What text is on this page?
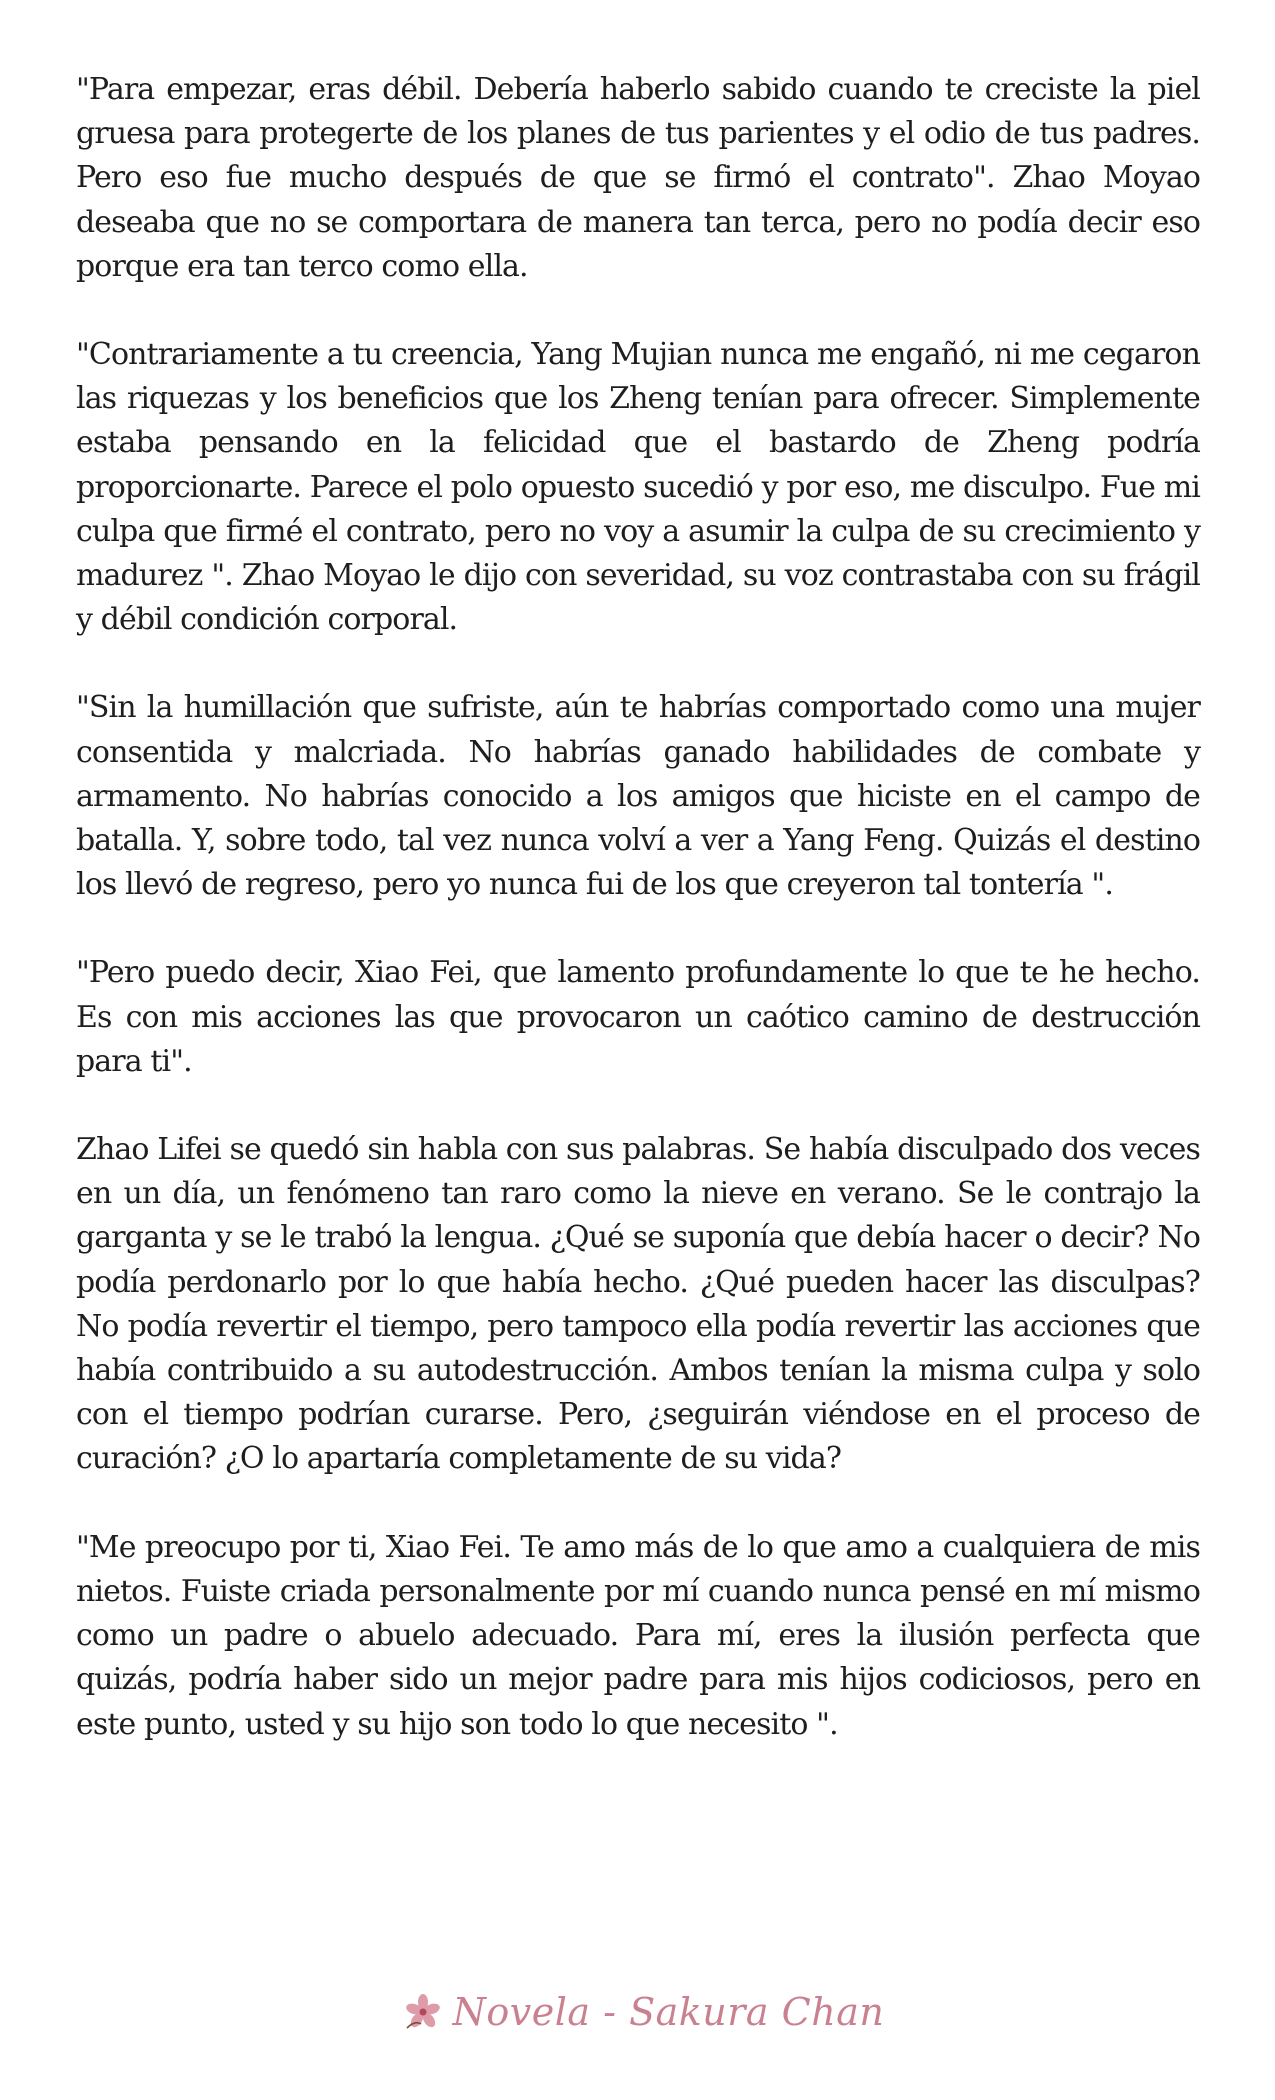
"Para empezar, eras débil. Debería haberlo sabido cuando te creciste la piel gruesa para protegerte de los planes de tus parientes y el odio de tus padres. Pero eso fue mucho después de que se firmó el contrato". Zhao Moyao deseaba que no se comportara de manera tan terca, pero no podía decir eso porque era tan terco como ella.

"Contrariamente a tu creencia, Yang Mujian nunca me engañó, ni me cegaron las riquezas y los beneficios que los Zheng tenían para ofrecer. Simplemente estaba pensando en la felicidad que el bastardo de Zheng podría proporcionarte. Parece el polo opuesto sucedió y por eso, me disculpo. Fue mi culpa que firmé el contrato, pero no voy a asumir la culpa de su crecimiento y madurez ". Zhao Moyao le dijo con severidad, su voz contrastaba con su frágil y débil condición corporal.

"Sin la humillación que sufriste, aún te habrías comportado como una mujer consentida y malcriada. No habrías ganado habilidades de combate y armamento. No habrías conocido a los amigos que hiciste en el campo de batalla. Y, sobre todo, tal vez nunca volví a ver a Yang Feng. Quizás el destino los llevó de regreso, pero yo nunca fui de los que creyeron tal tontería ".

"Pero puedo decir, Xiao Fei, que lamento profundamente lo que te he hecho. Es con mis acciones las que provocaron un caótico camino de destrucción para ti".

Zhao Lifei se quedó sin habla con sus palabras. Se había disculpado dos veces en un día, un fenómeno tan raro como la nieve en verano. Se le contrajo la garganta y se le trabó la lengua. ¿Qué se suponía que debía hacer o decir? No podía perdonarlo por lo que había hecho. ¿Qué pueden hacer las disculpas? No podía revertir el tiempo, pero tampoco ella podía revertir las acciones que había contribuido a su autodestrucción. Ambos tenían la misma culpa y solo con el tiempo podrían curarse. Pero, ¿seguirán viéndose en el proceso de curación? ¿O lo apartaría completamente de su vida?

"Me preocupo por ti, Xiao Fei. Te amo más de lo que amo a cualquiera de mis nietos. Fuiste criada personalmente por mí cuando nunca pensé en mí mismo como un padre o abuelo adecuado. Para mí, eres la ilusión perfecta que quizás, podría haber sido un mejor padre para mis hijos codiciosos, pero en este punto, usted y su hijo son todo lo que necesito ".

Novela - Sakura Chan
